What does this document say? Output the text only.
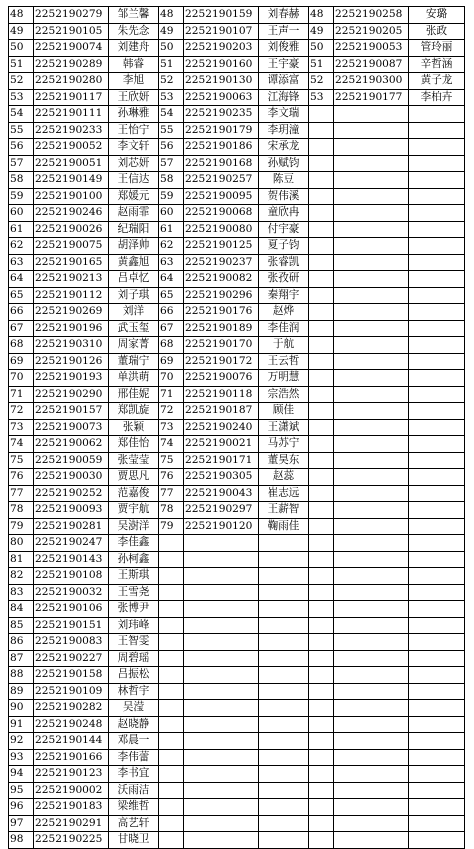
48	2252190279	邹兰馨	48	2252190159	刘春赫	48	2252190258	安璐
49	2252190105	朱先念	49	2252190107	王声一	49	2252190205	张政
50	2252190074	刘建舟	50	2252190203	刘俊雅	50	2252190053	管玲丽
51	2252190289	韩睿	51	2252190160	王宇豪	51	2252190087	辛哲涵
52	2252190280	李旭	52	2252190130	谭添富	52	2252190300	黄子龙
53	2252190117	王欣妍	53	2252190063	江海锋	53	2252190177	李柏卉
54	2252190111	孙琳雅	54	2252190235	李文瑞			
55	2252190233	王怡宁	55	2252190179	李玥潼			
56	2252190052	李文轩	56	2252190186	宋承龙			
57	2252190051	刘芯妍	57	2252190168	孙赋钧			
58	2252190149	王信达	58	2252190257	陈豆			
59	2252190100	郑媛元	59	2252190095	贺伟溪			
60	2252190246	赵雨霏	60	2252190068	童欣冉			
61	2252190026	纪瑞阳	61	2252190080	付宇豪			
62	2252190075	胡泽帅	62	2252190125	夏子钧			
63	2252190165	黄鑫旭	63	2252190237	张睿凯			
64	2252190213	吕卓忆	64	2252190082	张孜研			
65	2252190112	刘子琪	65	2252190296	秦翔宇			
66	2252190269	刘洋	66	2252190176	赵烨			
67	2252190196	武玉玺	67	2252190189	李佳润			
68	2252190310	周家菁	68	2252190170	于航			
69	2252190126	董瑞宁	69	2252190172	王云哲			
70	2252190193	单洪萌	70	2252190076	万明慧			
71	2252190290	邢佳妮	71	2252190118	宗浩然			
72	2252190157	郑凯旋	72	2252190187	顾佳			
73	2252190073	张颖	73	2252190240	王潇斌			
74	2252190062	郑佳怡	74	2252190021	马苏宁			
75	2252190059	张莹莹	75	2252190171	董昊东			
76	2252190030	贾思凡	76	2252190305	赵蕊			
77	2252190252	范嘉俊	77	2252190043	崔志远			
78	2252190093	贾宇航	78	2252190297	王薪智			
79	2252190281	吴澍洋	79	2252190120	鞠雨佳			
80	2252190247	李佳鑫						
81	2252190143	孙柯鑫						
82	2252190108	王斯琪						
83	2252190032	王雪尧						
84	2252190106	张博尹						
85	2252190151	刘玮峰						
86	2252190083	王智雯						
87	2252190227	周碧瑶						
88	2252190158	吕振松						
89	2252190109	林哲宇						
90	2252190282	吴滢						
91	2252190248	赵晓静						
92	2252190144	邓晨一						
93	2252190166	李伟蕾						
94	2252190123	李书宜						
95	2252190002	沃雨洁						
96	2252190183	梁维哲						
97	2252190291	高艺轩						
98	2252190225	甘晓卫						
